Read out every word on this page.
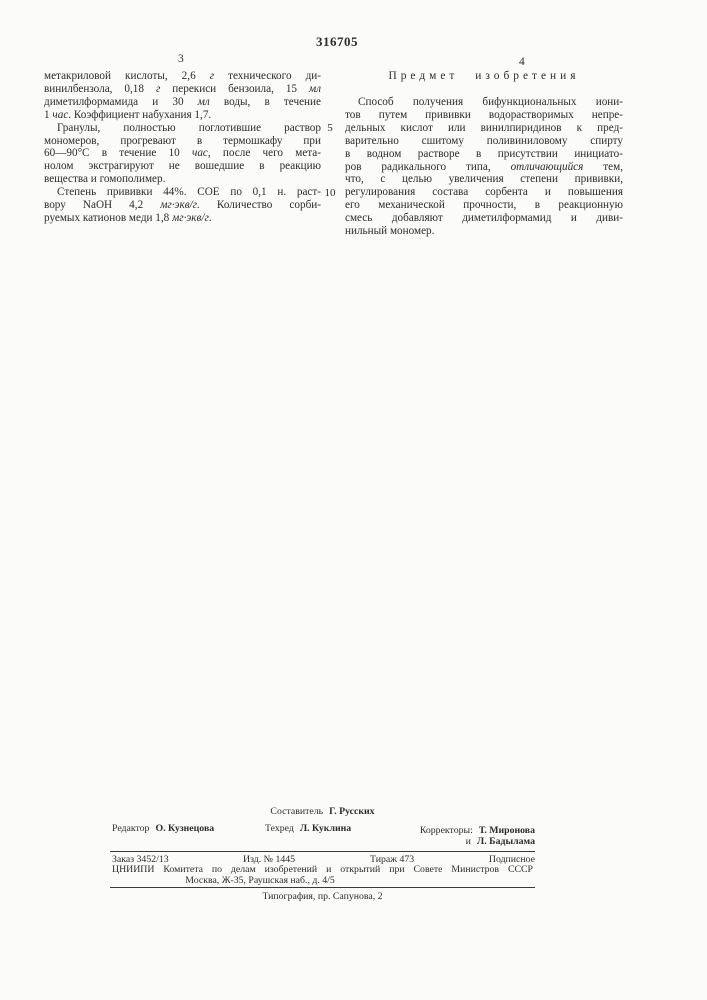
316705
3	4
метакриловой кислоты, 2,6 г технического ди-
винилбензола, 0,18 г перекиси бензоила, 15 мл
диметилформамида и 30 мл воды, в течение
1 час. Коэффициент набухания 1,7.
Гранулы, полностью поглотившие раствор
мономеров, прогревают в термошкафу при
60—90°С в течение 10 час, после чего мета-
нолом экстрагируют не вошедшие в реакцию
вещества и гомополимер.
Степень прививки 44%. СОЕ по 0,1 н. раст-
вору NaOH 4,2 мг·экв/г. Количество сорби-
руемых катионов меди 1,8 мг·экв/г.
Предмет изобретения
Способ получения бифункциональных иони-
тов путем прививки водорастворимых непре-
дельных кислот или винилпиридинов к пред-
варительно сшитому поливиниловому спирту
в водном растворе в присутствии инициато-
ров радикального типа, отличающийся тем,
что, с целью увеличения степени прививки,
регулирования состава сорбента и повышения
его механической прочности, в реакционную
смесь добавляют диметилформамид и диви-
нильный мономер.
5
10
Составитель Г. Русских
Редактор О. Кузнецова	Техред Л. Куклина	Корректоры: Т. Миронова
и Л. Бадылама
Заказ 3452/13	Изд. № 1445	Тираж 473	Подписное
ЦНИИПИ Комитета по делам изобретений и открытий при Совете Министров СССР
Москва, Ж-35, Раушская наб., д. 4/5
Типография, пр. Сапунова, 2
